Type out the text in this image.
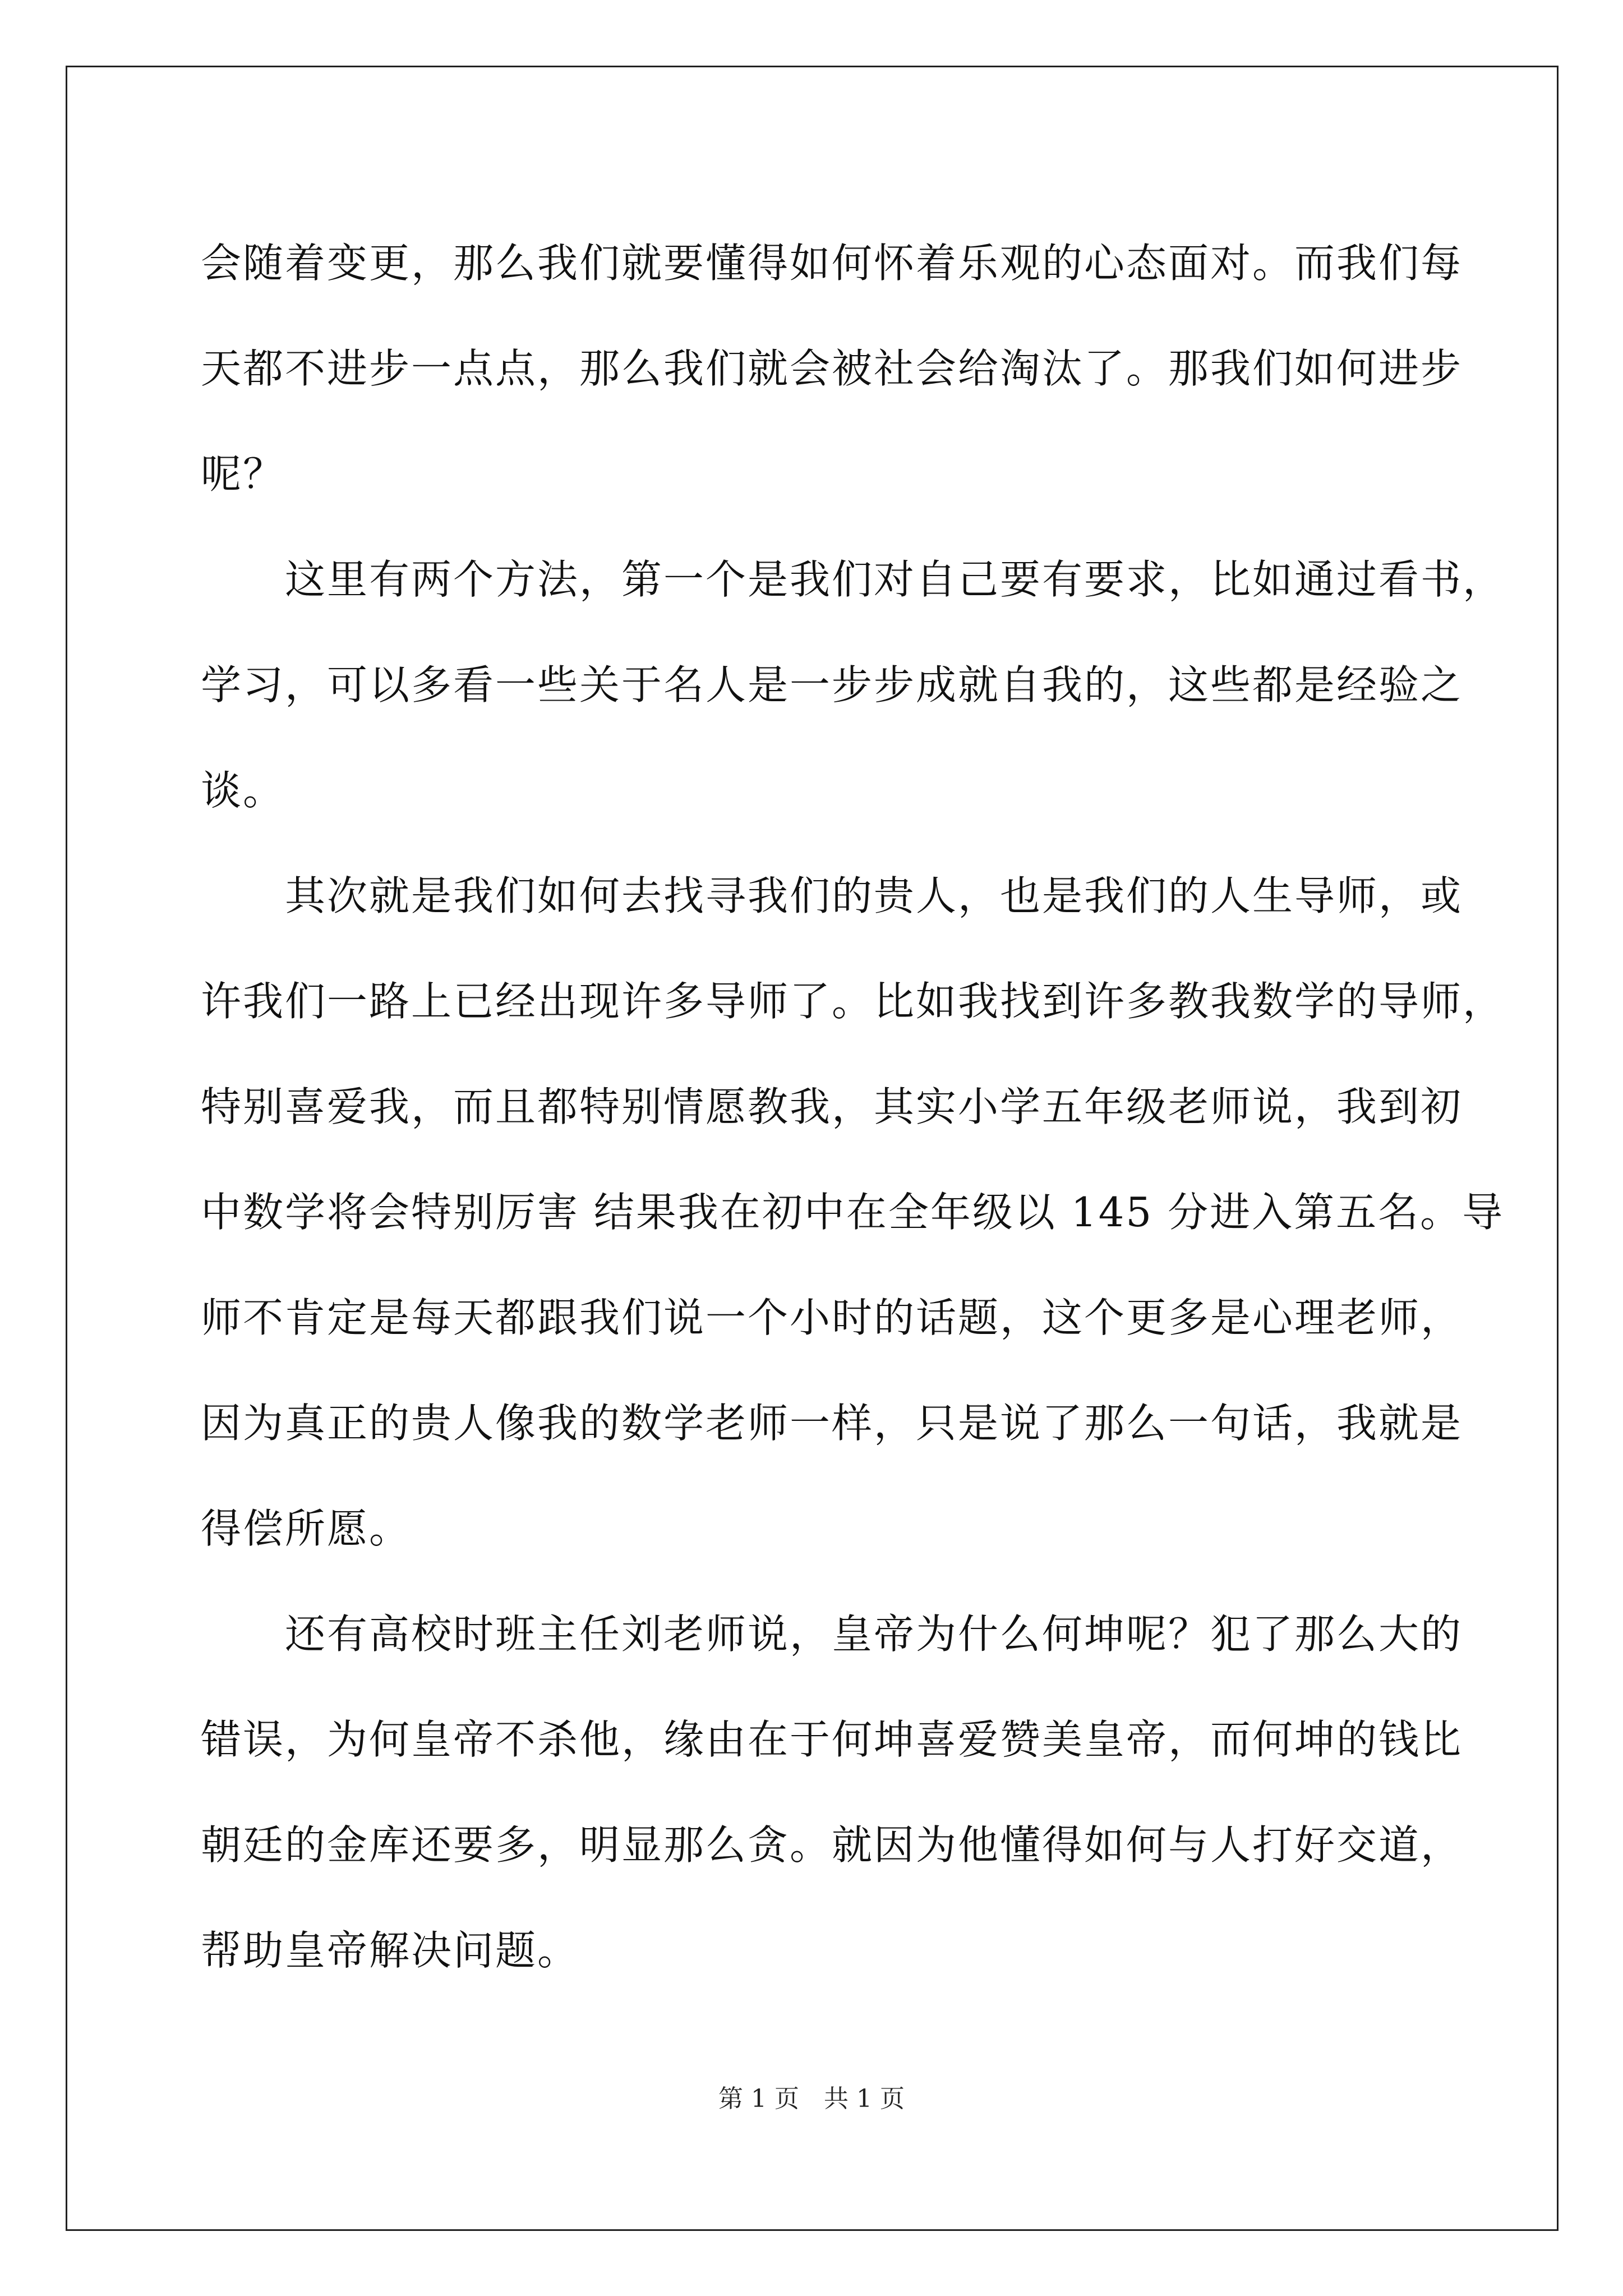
会随着变更，那么我们就要懂得如何怀着乐观的心态面对。而我们每
天都不进步一点点，那么我们就会被社会给淘汰了。那我们如何进步
呢？
　　这里有两个方法，第一个是我们对自己要有要求，比如通过看书，
学习，可以多看一些关于名人是一步步成就自我的，这些都是经验之
谈。
　　其次就是我们如何去找寻我们的贵人，也是我们的人生导师，或
许我们一路上已经出现许多导师了。比如我找到许多教我数学的导师，
特别喜爱我，而且都特别情愿教我，其实小学五年级老师说，我到初
中数学将会特别厉害 结果我在初中在全年级以 145 分进入第五名。导
师不肯定是每天都跟我们说一个小时的话题，这个更多是心理老师，
因为真正的贵人像我的数学老师一样，只是说了那么一句话，我就是
得偿所愿。
　　还有高校时班主任刘老师说，皇帝为什么何坤呢？犯了那么大的
错误，为何皇帝不杀他，缘由在于何坤喜爱赞美皇帝，而何坤的钱比
朝廷的金库还要多，明显那么贪。就因为他懂得如何与人打好交道，
帮助皇帝解决问题。
第 1 页　共 1 页
